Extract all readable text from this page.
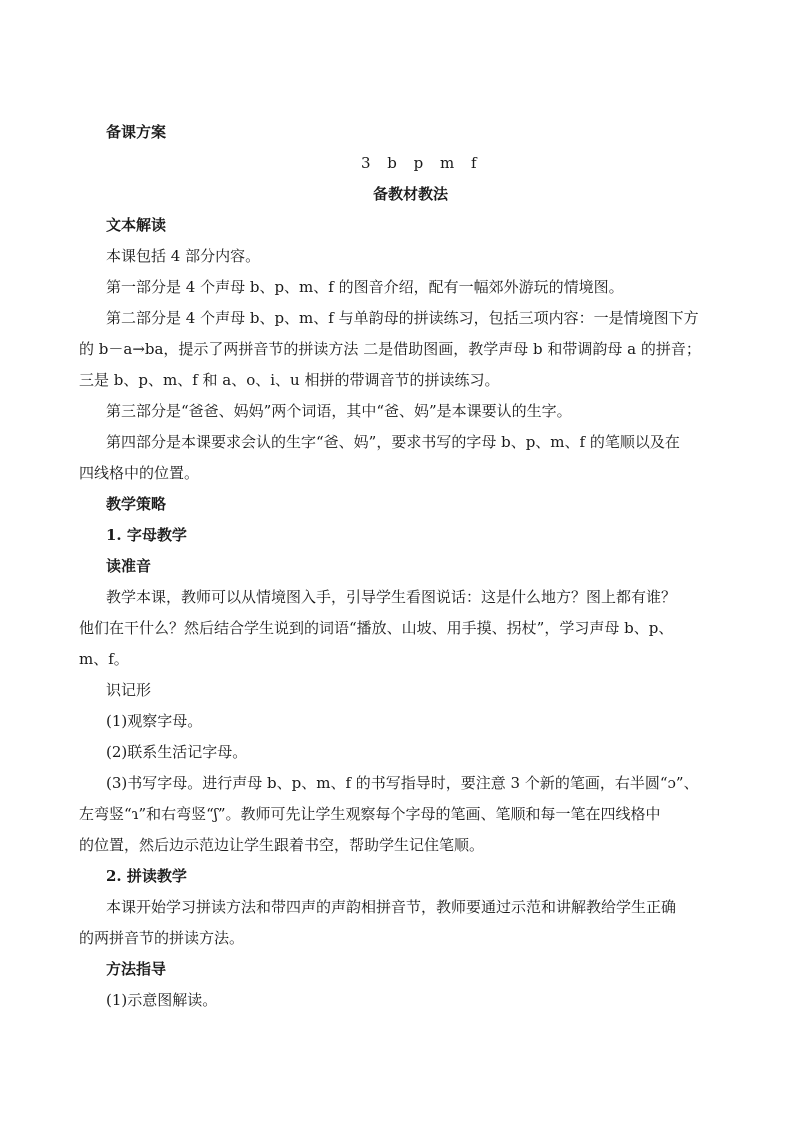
备课方案

3 b p m f

备教材教法

文本解读

本课包括 4 部分内容。

第一部分是 4 个声母 b、p、m、f 的图音介绍，配有一幅郊外游玩的情境图。

第二部分是 4 个声母 b、p、m、f 与单韵母的拼读练习，包括三项内容：一是情境图下方

的 b－a→ba，提示了两拼音节的拼读方法 二是借助图画，教学声母 b 和带调韵母 a 的拼音；

三是 b、p、m、f 和 a、o、i、u 相拼的带调音节的拼读练习。

第三部分是“爸爸、妈妈”两个词语，其中“爸、妈”是本课要认的生字。

第四部分是本课要求会认的生字“爸、妈”，要求书写的字母 b、p、m、f 的笔顺以及在

四线格中的位置。

教学策略

1. 字母教学

读准音

教学本课，教师可以从情境图入手，引导学生看图说话：这是什么地方？图上都有谁？

他们在干什么？然后结合学生说到的词语“播放、山坡、用手摸、拐杖”，学习声母 b、p、

m、f。

识记形

(1)观察字母。

(2)联系生活记字母。

(3)书写字母。进行声母 b、p、m、f 的书写指导时，要注意 3 个新的笔画，右半圆“ɔ”、

左弯竖“ɿ”和右弯竖“ʃ”。教师可先让学生观察每个字母的笔画、笔顺和每一笔在四线格中

的位置，然后边示范边让学生跟着书空，帮助学生记住笔顺。

2. 拼读教学

本课开始学习拼读方法和带四声的声韵相拼音节，教师要通过示范和讲解教给学生正确

的两拼音节的拼读方法。

方法指导

(1)示意图解读。
